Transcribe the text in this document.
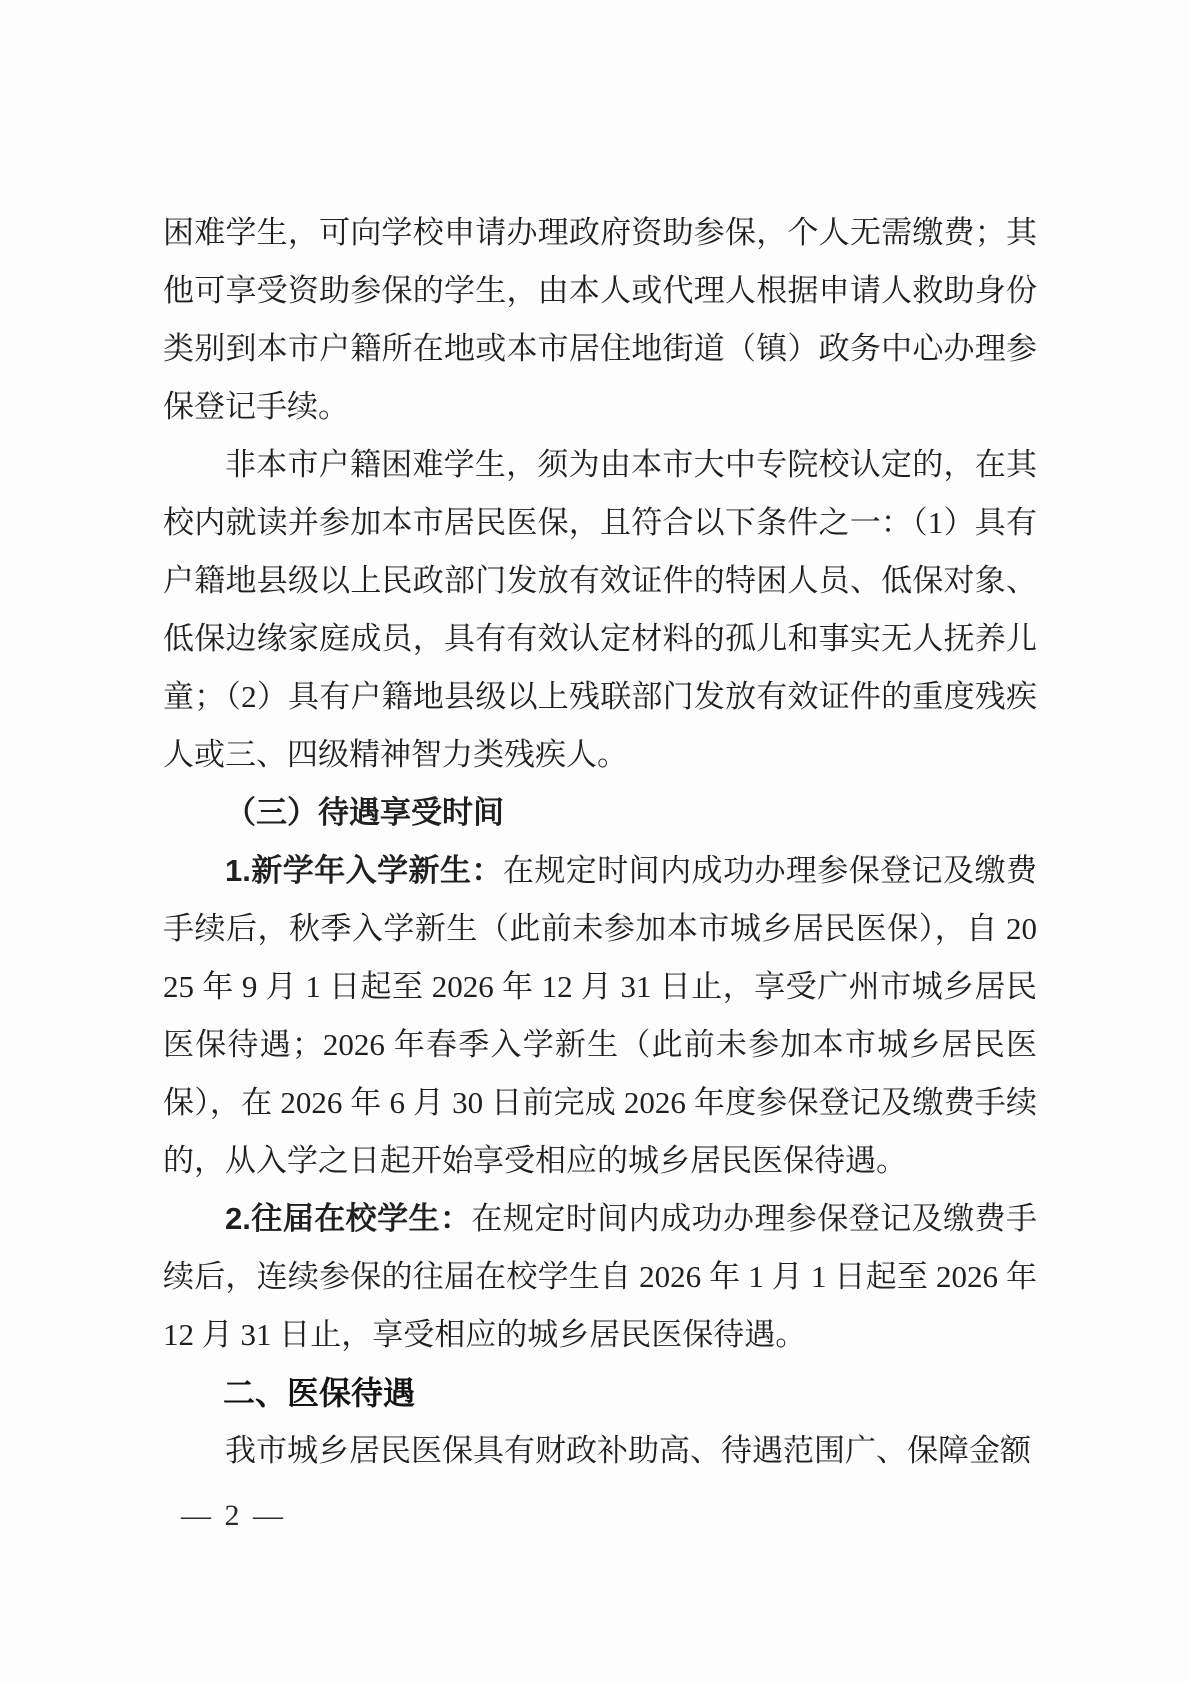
困难学生，可向学校申请办理政府资助参保，个人无需缴费；其他可享受资助参保的学生，由本人或代理人根据申请人救助身份类别到本市户籍所在地或本市居住地街道（镇）政务中心办理参保登记手续。

非本市户籍困难学生，须为由本市大中专院校认定的，在其校内就读并参加本市居民医保，且符合以下条件之一：（1）具有户籍地县级以上民政部门发放有效证件的特困人员、低保对象、低保边缘家庭成员，具有有效认定材料的孤儿和事实无人抚养儿童；（2）具有户籍地县级以上残联部门发放有效证件的重度残疾人或三、四级精神智力类残疾人。

（三）待遇享受时间

1.新学年入学新生：在规定时间内成功办理参保登记及缴费手续后，秋季入学新生（此前未参加本市城乡居民医保），自 2025 年 9 月 1 日起至 2026 年 12 月 31 日止，享受广州市城乡居民医保待遇；2026 年春季入学新生（此前未参加本市城乡居民医保），在 2026 年 6 月 30 日前完成 2026 年度参保登记及缴费手续的，从入学之日起开始享受相应的城乡居民医保待遇。

2.往届在校学生：在规定时间内成功办理参保登记及缴费手续后，连续参保的往届在校学生自 2026 年 1 月 1 日起至 2026 年 12 月 31 日止，享受相应的城乡居民医保待遇。

二、医保待遇

我市城乡居民医保具有财政补助高、待遇范围广、保障金额

— 2 —
